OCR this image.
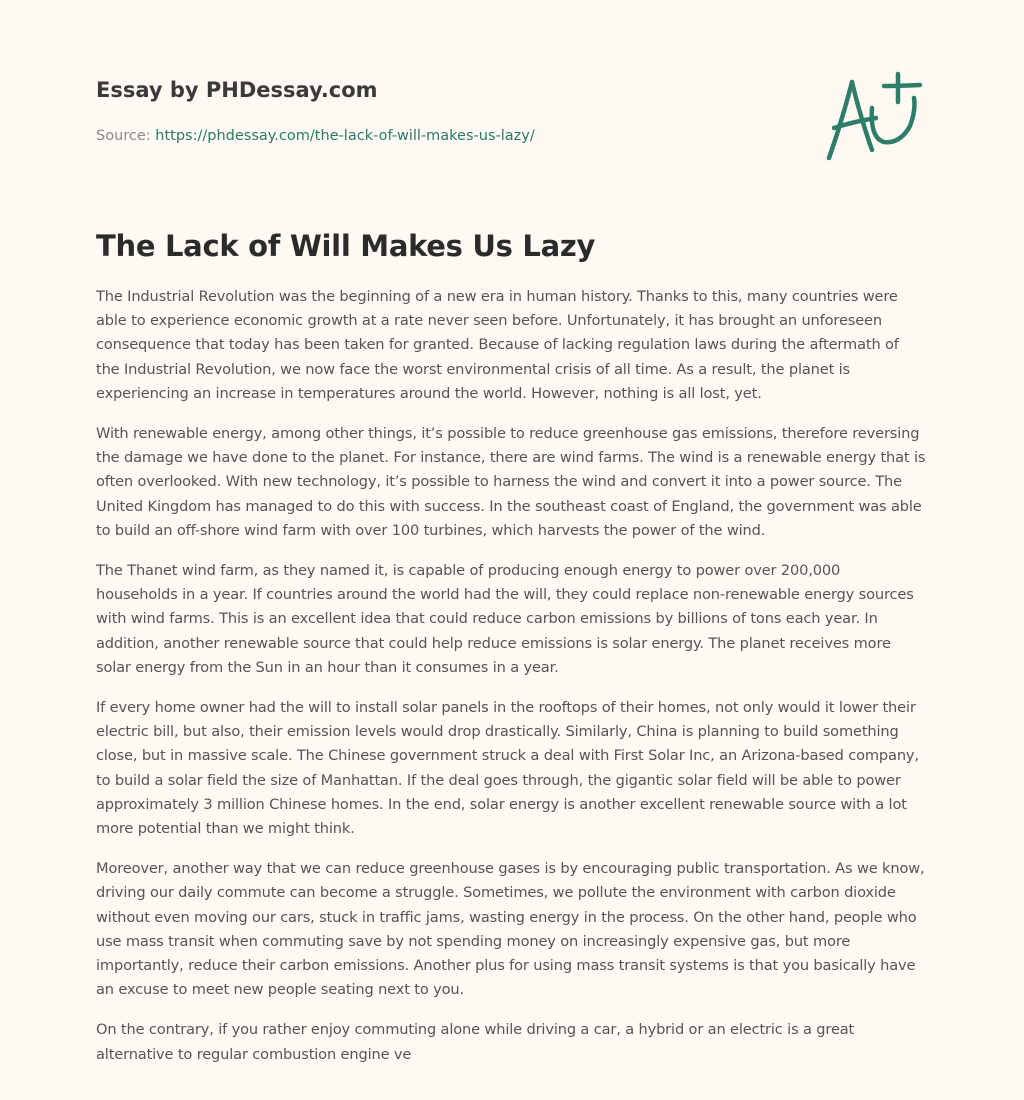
Essay by PHDessay.com
Source: https://phdessay.com/the-lack-of-will-makes-us-lazy/
The Lack of Will Makes Us Lazy

The Industrial Revolution was the beginning of a new era in human history. Thanks to this, many countries were able to experience economic growth at a rate never seen before. Unfortunately, it has brought an unforeseen consequence that today has been taken for granted. Because of lacking regulation laws during the aftermath of the Industrial Revolution, we now face the worst environmental crisis of all time. As a result, the planet is experiencing an increase in temperatures around the world. However, nothing is all lost, yet.

With renewable energy, among other things, it’s possible to reduce greenhouse gas emissions, therefore reversing the damage we have done to the planet. For instance, there are wind farms. The wind is a renewable energy that is often overlooked. With new technology, it’s possible to harness the wind and convert it into a power source. The United Kingdom has managed to do this with success. In the southeast coast of England, the government was able to build an off-shore wind farm with over 100 turbines, which harvests the power of the wind.

The Thanet wind farm, as they named it, is capable of producing enough energy to power over 200,000 households in a year. If countries around the world had the will, they could replace non-renewable energy sources with wind farms. This is an excellent idea that could reduce carbon emissions by billions of tons each year. In addition, another renewable source that could help reduce emissions is solar energy. The planet receives more solar energy from the Sun in an hour than it consumes in a year.

If every home owner had the will to install solar panels in the rooftops of their homes, not only would it lower their electric bill, but also, their emission levels would drop drastically. Similarly, China is planning to build something close, but in massive scale. The Chinese government struck a deal with First Solar Inc, an Arizona-based company, to build a solar field the size of Manhattan. If the deal goes through, the gigantic solar field will be able to power approximately 3 million Chinese homes. In the end, solar energy is another excellent renewable source with a lot more potential than we might think.

Moreover, another way that we can reduce greenhouse gases is by encouraging public transportation. As we know, driving our daily commute can become a struggle. Sometimes, we pollute the environment with carbon dioxide without even moving our cars, stuck in traffic jams, wasting energy in the process. On the other hand, people who use mass transit when commuting save by not spending money on increasingly expensive gas, but more importantly, reduce their carbon emissions. Another plus for using mass transit systems is that you basically have an excuse to meet new people seating next to you.

On the contrary, if you rather enjoy commuting alone while driving a car, a hybrid or an electric is a great alternative to regular combustion engine ve
